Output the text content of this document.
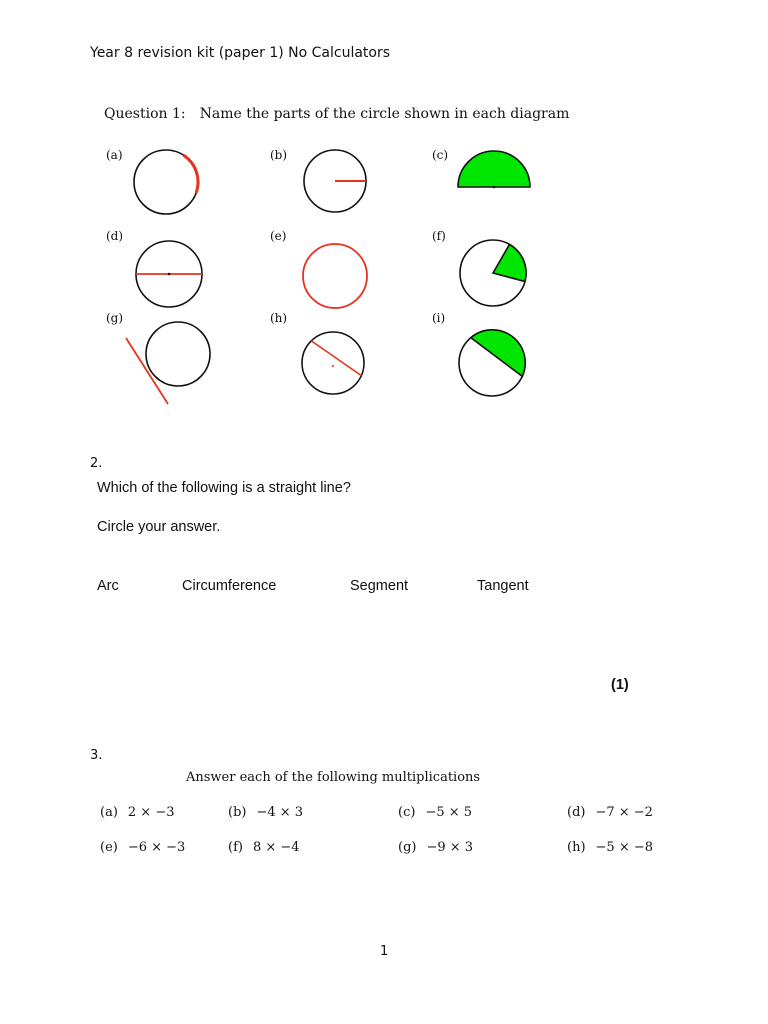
Year 8 revision kit (paper 1) No Calculators
Question 1: Name the parts of the circle shown in each diagram
(a)	(b)	(c)
(d)	(e)	(f)
(g)	(h)	(i)
2.
Which of the following is a straight line?
Circle your answer.
Arc	Circumference	Segment	Tangent
(1)
3.
Answer each of the following multiplications
(a) 2 × −3	(b) −4 × 3	(c) −5 × 5	(d) −7 × −2
(e) −6 × −3	(f) 8 × −4	(g) −9 × 3	(h) −5 × −8
1
